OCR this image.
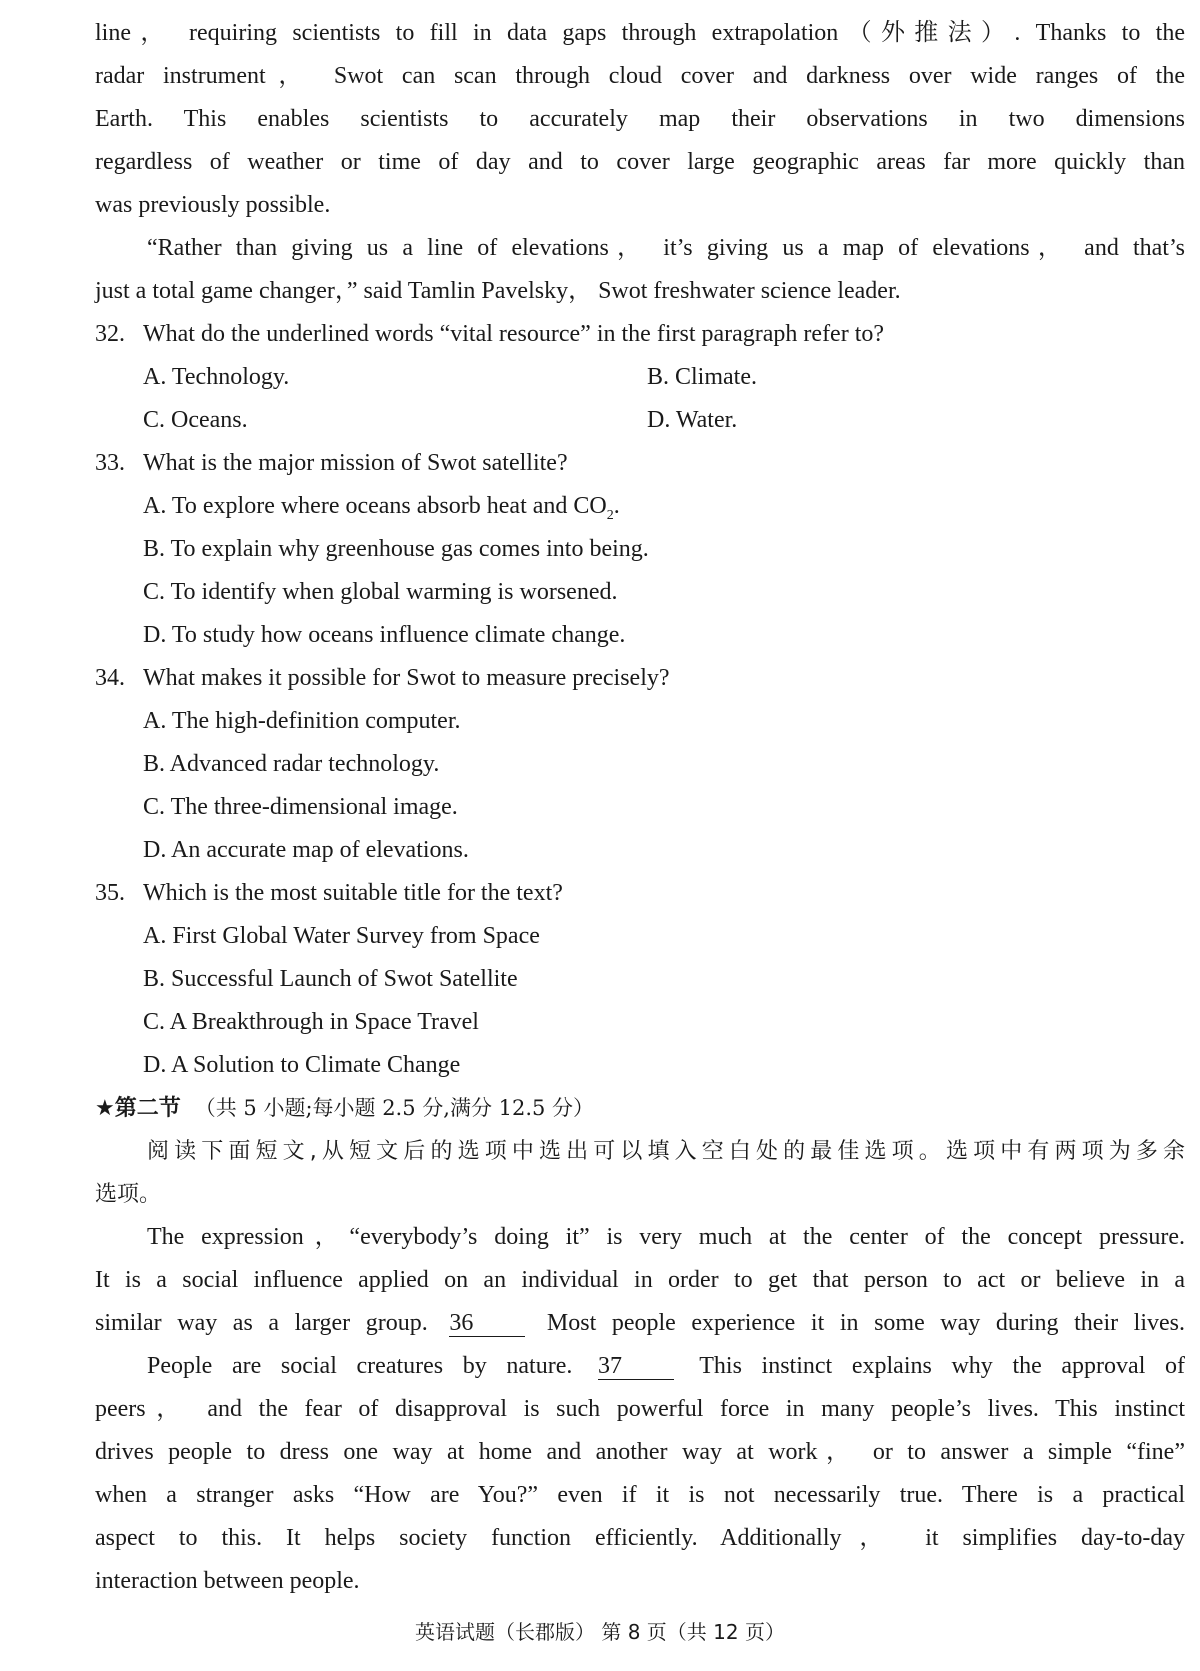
line， requiring scientists to fill in data gaps through extrapolation（外推法）. Thanks to the
radar instrument， Swot can scan through cloud cover and darkness over wide ranges of the
Earth. This enables scientists to accurately map their observations in two dimensions
regardless of weather or time of day and to cover large geographic areas far more quickly than
was previously possible.
“Rather than giving us a line of elevations， it’s giving us a map of elevations， and that’s
just a total game changer，” said Tamlin Pavelsky， Swot freshwater science leader.
32. What do the underlined words “vital resource” in the first paragraph refer to?
A. Technology.	B. Climate.
C. Oceans.	D. Water.
33. What is the major mission of Swot satellite?
A. To explore where oceans absorb heat and $CO_2$.
B. To explain why greenhouse gas comes into being.
C. To identify when global warming is worsened.
D. To study how oceans influence climate change.
34. What makes it possible for Swot to measure precisely?
A. The high-definition computer.
B. Advanced radar technology.
C. The three-dimensional image.
D. An accurate map of elevations.
35. Which is the most suitable title for the text?
A. First Global Water Survey from Space
B. Successful Launch of Swot Satellite
C. A Breakthrough in Space Travel
D. A Solution to Climate Change
★第二节 （共 5 小题;每小题 2.5 分,满分 12.5 分）
阅读下面短文,从短文后的选项中选出可以填入空白处的最佳选项。选项中有两项为多余
选项。
The expression，“everybody’s doing it” is very much at the center of the concept pressure.
It is a social influence applied on an individual in order to get that person to act or believe in a
similar way as a larger group. 36	Most people experience it in some way during their lives.
People are social creatures by nature. 37	This instinct explains why the approval of
peers， and the fear of disapproval is such powerful force in many people’s lives. This instinct
drives people to dress one way at home and another way at work， or to answer a simple “fine”
when a stranger asks “How are You?” even if it is not necessarily true. There is a practical
aspect to this. It helps society function efficiently. Additionally， it simplifies day-to-day
interaction between people.
英语试题（长郡版） 第 8 页（共 12 页）
